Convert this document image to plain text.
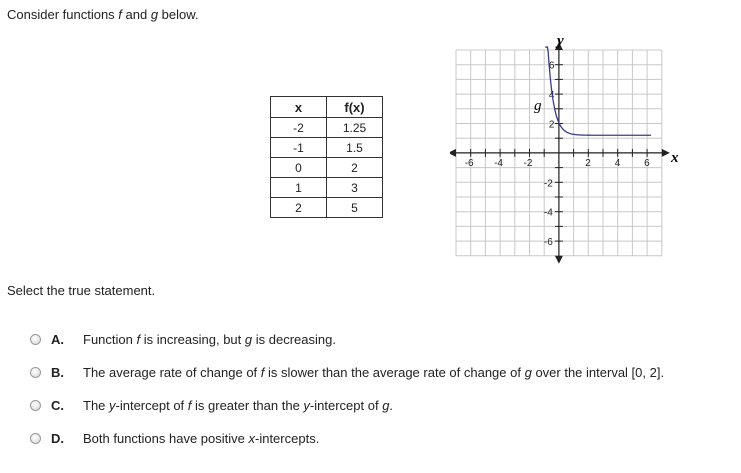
Consider functions f and g below.
x	f(x)
-2	1.25
-1	1.5
0	2
1	3
2	5
-6 -4 -2	2 4 6
6
4
2
-2
-4
-6
g
x
y
Select the true statement.
A.	Function f is increasing, but g is decreasing.
B.	The average rate of change of f is slower than the average rate of change of g over the interval [0, 2].
C.	The y-intercept of f is greater than the y-intercept of g.
D.	Both functions have positive x-intercepts.
